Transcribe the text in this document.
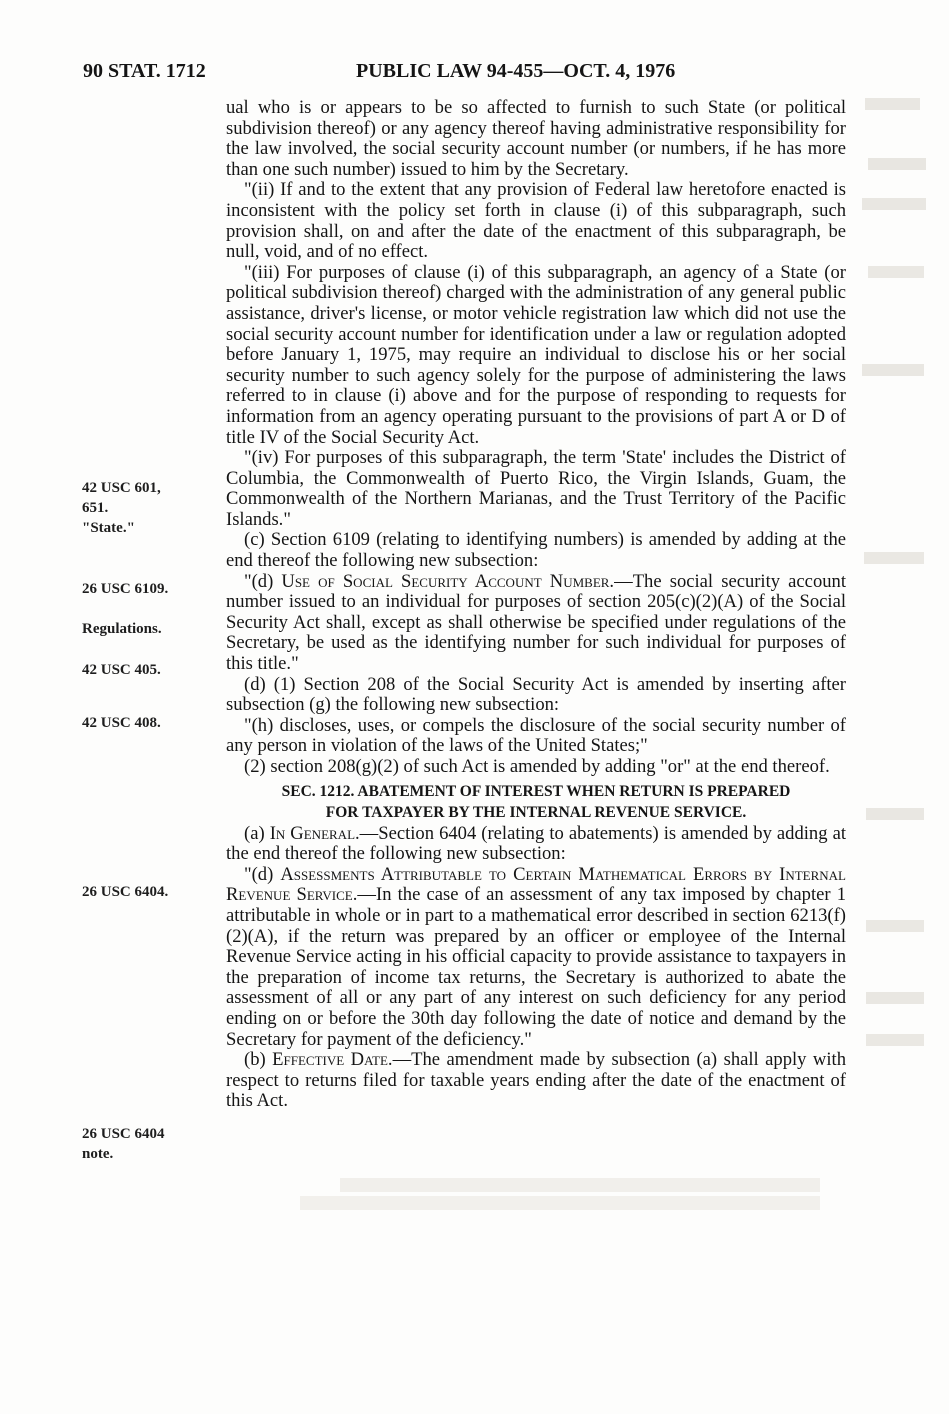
90 STAT. 1712	PUBLIC LAW 94-455—OCT. 4, 1976
42 USC 601,
651.
"State."
26 USC 6109.
Regulations.
42 USC 405.
42 USC 408.
26 USC 6404.
26 USC 6404
note.

ual who is or appears to be so affected to furnish to such State (or political subdivision thereof) or any agency thereof having administrative responsibility for the law involved, the social security account number (or numbers, if he has more than one such number) issued to him by the Secretary.

"(ii) If and to the extent that any provision of Federal law heretofore enacted is inconsistent with the policy set forth in clause (i) of this subparagraph, such provision shall, on and after the date of the enactment of this subparagraph, be null, void, and of no effect.

"(iii) For purposes of clause (i) of this subparagraph, an agency of a State (or political subdivision thereof) charged with the administration of any general public assistance, driver's license, or motor vehicle registration law which did not use the social security account number for identification under a law or regulation adopted before January 1, 1975, may require an individual to disclose his or her social security number to such agency solely for the purpose of administering the laws referred to in clause (i) above and for the purpose of responding to requests for information from an agency operating pursuant to the provisions of part A or D of title IV of the Social Security Act.

"(iv) For purposes of this subparagraph, the term 'State' includes the District of Columbia, the Commonwealth of Puerto Rico, the Virgin Islands, Guam, the Commonwealth of the Northern Marianas, and the Trust Territory of the Pacific Islands."

(c) Section 6109 (relating to identifying numbers) is amended by adding at the end thereof the following new subsection:

"(d) Use of Social Security Account Number.—The social security account number issued to an individual for purposes of section 205(c)(2)(A) of the Social Security Act shall, except as shall otherwise be specified under regulations of the Secretary, be used as the identifying number for such individual for purposes of this title."

(d) (1) Section 208 of the Social Security Act is amended by inserting after subsection (g) the following new subsection:

"(h) discloses, uses, or compels the disclosure of the social security number of any person in violation of the laws of the United States;"

(2) section 208(g)(2) of such Act is amended by adding "or" at the end thereof.

SEC. 1212. ABATEMENT OF INTEREST WHEN RETURN IS PREPARED
FOR TAXPAYER BY THE INTERNAL REVENUE SERVICE.

(a) In General.—Section 6404 (relating to abatements) is amended by adding at the end thereof the following new subsection:

"(d) Assessments Attributable to Certain Mathematical Errors by Internal Revenue Service.—In the case of an assessment of any tax imposed by chapter 1 attributable in whole or in part to a mathematical error described in section 6213(f)(2)(A), if the return was prepared by an officer or employee of the Internal Revenue Service acting in his official capacity to provide assistance to taxpayers in the preparation of income tax returns, the Secretary is authorized to abate the assessment of all or any part of any interest on such deficiency for any period ending on or before the 30th day following the date of notice and demand by the Secretary for payment of the deficiency."

(b) Effective Date.—The amendment made by subsection (a) shall apply with respect to returns filed for taxable years ending after the date of the enactment of this Act.
